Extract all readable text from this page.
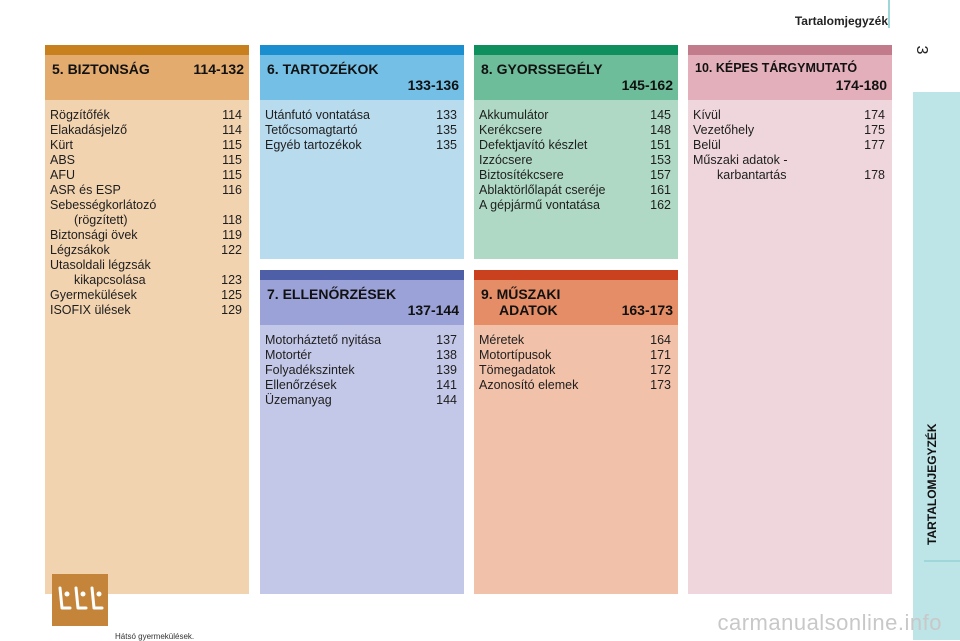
Tartalomjegyzék
3
TARTALOMJEGYZÉK
5. BIZTONSÁG	114-132
Rögzítőfék	114
Elakadásjelző	114
Kürt	115
ABS	115
AFU	115
ASR és ESP	116
Sebességkorlátozó
(rögzített)	118
Biztonsági övek	119
Légzsákok	122
Utasoldali légzsák
kikapcsolása	123
Gyermekülések	125
ISOFIX ülések	129
Hátsó gyermekülések.
6. TARTOZÉKOK
133-136
Utánfutó vontatása	133
Tetőcsomagtartó	135
Egyéb tartozékok	135
7. ELLENŐRZÉSEK
137-144
Motorháztető nyitása	137
Motortér	138
Folyadékszintek	139
Ellenőrzések	141
Üzemanyag	144
8. GYORSSEGÉLY
145-162
Akkumulátor	145
Kerékcsere	148
Defektjavító készlet	151
Izzócsere	153
Biztosítékcsere	157
Ablaktörlőlapát cseréje	161
A gépjármű vontatása	162
9. MŰSZAKI
ADATOK	163-173
Méretek	164
Motortípusok	171
Tömegadatok	172
Azonosító elemek	173
10. KÉPES TÁRGYMUTATÓ
174-180
Kívül	174
Vezetőhely	175
Belül	177
Műszaki adatok -
karbantartás	178
carmanualsonline.info
